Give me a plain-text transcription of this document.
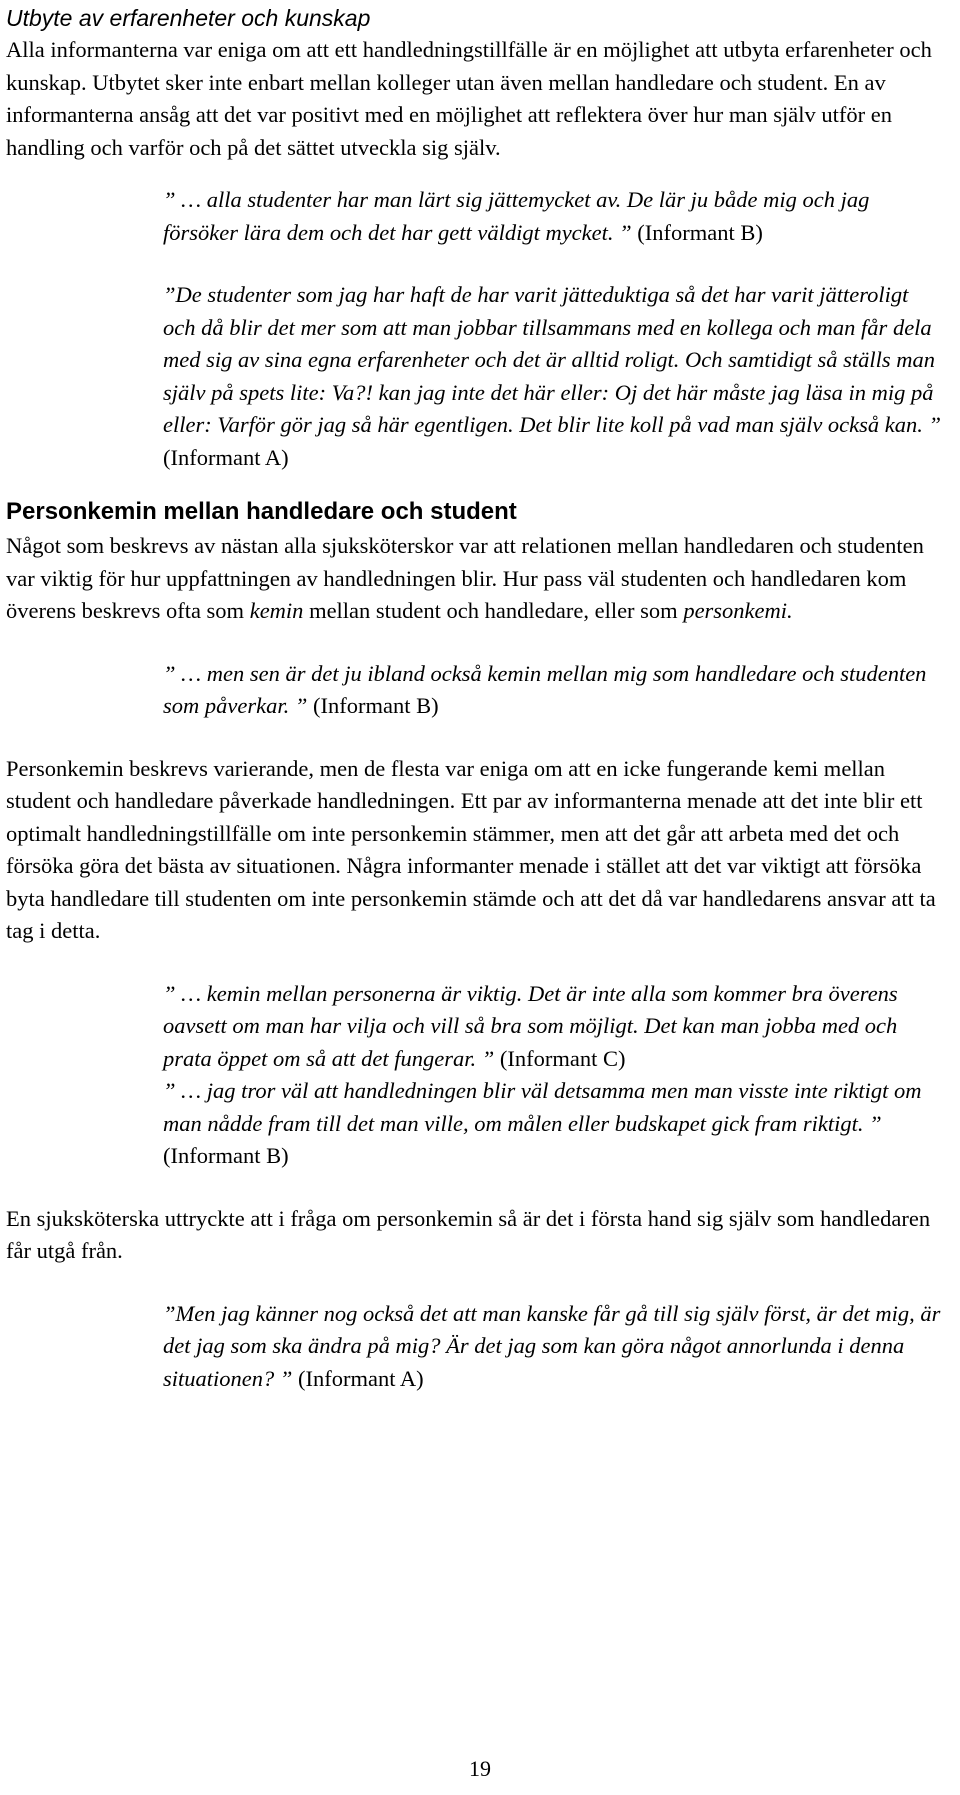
Utbyte av erfarenheter och kunskap

Alla informanterna var eniga om att ett handledningstillfälle är en möjlighet att utbyta erfarenheter och kunskap. Utbytet sker inte enbart mellan kolleger utan även mellan handledare och student. En av informanterna ansåg att det var positivt med en möjlighet att reflektera över hur man själv utför en handling och varför och på det sättet utveckla sig själv.

” … alla studenter har man lärt sig jättemycket av. De lär ju både mig och jag försöker lära dem och det har gett väldigt mycket. ” (Informant B)

”De studenter som jag har haft de har varit jätteduktiga så det har varit jätteroligt och då blir det mer som att man jobbar tillsammans med en kollega och man får dela med sig av sina egna erfarenheter och det är alltid roligt. Och samtidigt så ställs man själv på spets lite: Va?! kan jag inte det här eller: Oj det här måste jag läsa in mig på eller: Varför gör jag så här egentligen. Det blir lite koll på vad man själv också kan. ” (Informant A)

Personkemin mellan handledare och student

Något som beskrevs av nästan alla sjuksköterskor var att relationen mellan handledaren och studenten var viktig för hur uppfattningen av handledningen blir. Hur pass väl studenten och handledaren kom överens beskrevs ofta som kemin mellan student och handledare, eller som personkemi.

” … men sen är det ju ibland också kemin mellan mig som handledare och studenten som påverkar. ” (Informant B)

Personkemin beskrevs varierande, men de flesta var eniga om att en icke fungerande kemi mellan student och handledare påverkade handledningen. Ett par av informanterna menade att det inte blir ett optimalt handledningstillfälle om inte personkemin stämmer, men att det går att arbeta med det och försöka göra det bästa av situationen. Några informanter menade i stället att det var viktigt att försöka byta handledare till studenten om inte personkemin stämde och att det då var handledarens ansvar att ta tag i detta.

” … kemin mellan personerna är viktig. Det är inte alla som kommer bra överens oavsett om man har vilja och vill så bra som möjligt. Det kan man jobba med och prata öppet om så att det fungerar. ” (Informant C)

” … jag tror väl att handledningen blir väl detsamma men man visste inte riktigt om man nådde fram till det man ville, om målen eller budskapet gick fram riktigt. ” (Informant B)

En sjuksköterska uttryckte att i fråga om personkemin så är det i första hand sig själv som handledaren får utgå från.

”Men jag känner nog också det att man kanske får gå till sig själv först, är det mig, är det jag som ska ändra på mig? Är det jag som kan göra något annorlunda i denna situationen? ” (Informant A)

19
